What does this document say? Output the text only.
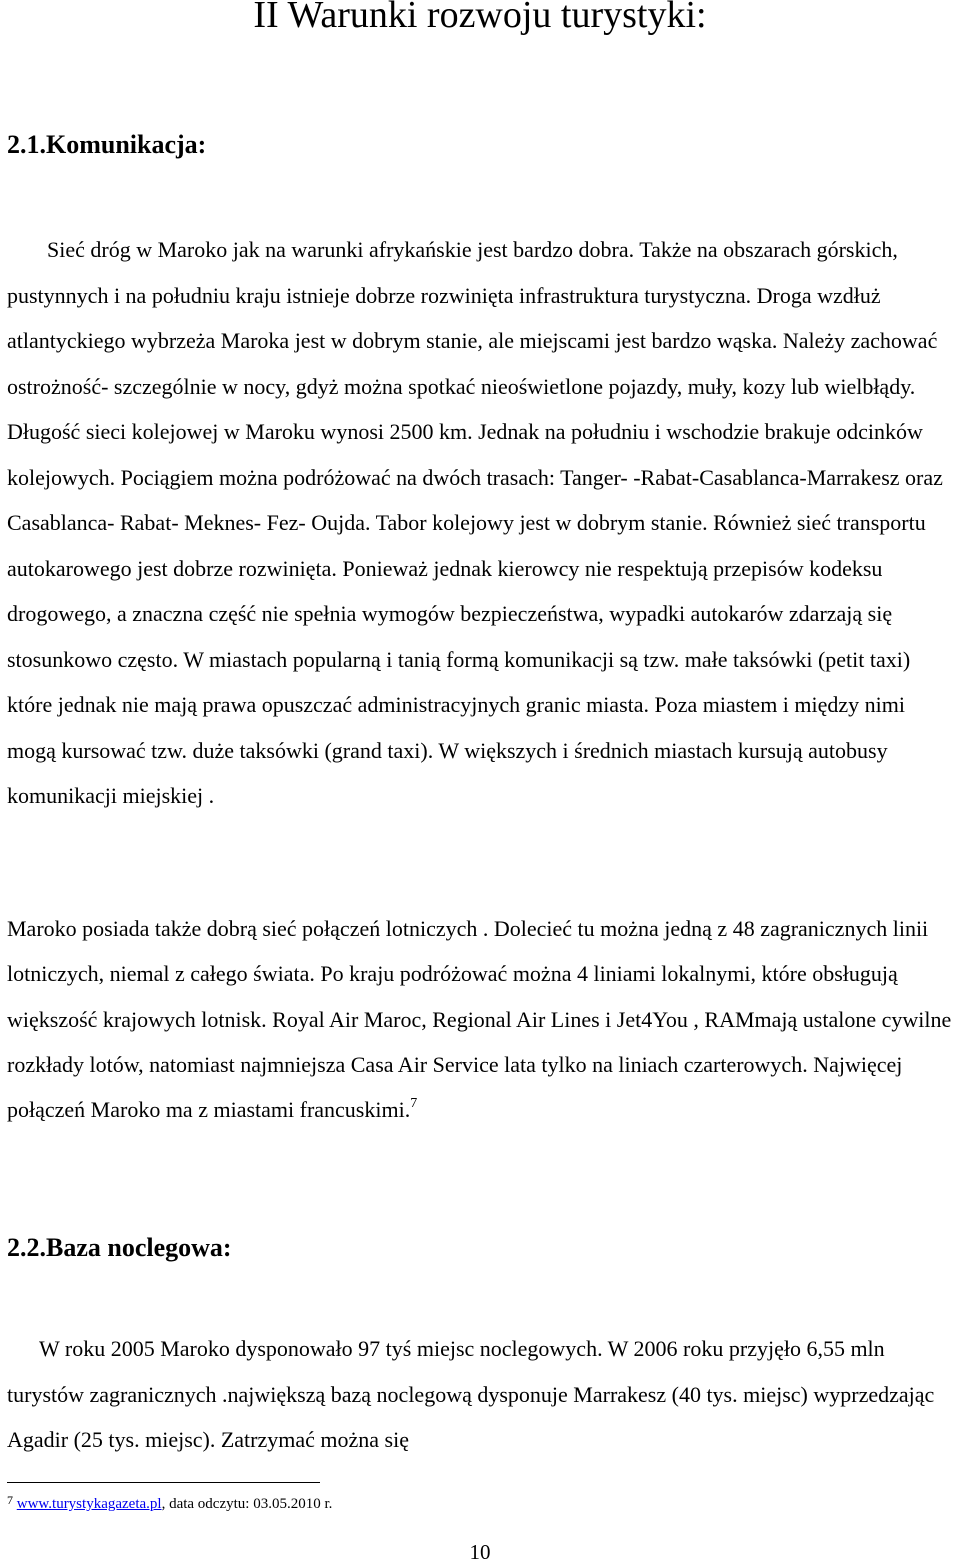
II Warunki rozwoju turystyki:
2.1.Komunikacja:

Sieć dróg w Maroko jak na warunki afrykańskie jest bardzo dobra. Także na obszarach górskich, pustynnych i na południu kraju istnieje dobrze rozwinięta infrastruktura turystyczna. Droga wzdłuż atlantyckiego wybrzeża Maroka jest w dobrym stanie, ale miejscami jest bardzo wąska. Należy zachować ostrożność- szczególnie w nocy, gdyż można spotkać nieoświetlone pojazdy, muły, kozy lub wielbłądy. Długość sieci kolejowej w Maroku wynosi 2500 km. Jednak na południu i wschodzie brakuje odcinków kolejowych. Pociągiem można podróżować na dwóch trasach: Tanger- -Rabat-Casablanca-Marrakesz oraz Casablanca- Rabat- Meknes- Fez- Oujda. Tabor kolejowy jest w dobrym stanie. Również sieć transportu autokarowego jest dobrze rozwinięta. Ponieważ jednak kierowcy nie respektują przepisów kodeksu drogowego, a znaczna część nie spełnia wymogów bezpieczeństwa, wypadki autokarów zdarzają się stosunkowo często. W miastach popularną i tanią formą komunikacji są tzw. małe taksówki (petit taxi) które jednak nie mają prawa opuszczać administracyjnych granic miasta. Poza miastem i między nimi mogą kursować tzw. duże taksówki (grand taxi). W większych i średnich miastach kursują autobusy komunikacji miejskiej .

Maroko posiada także dobrą sieć połączeń lotniczych . Dolecieć tu można jedną z 48 zagranicznych linii lotniczych, niemal z całego świata. Po kraju podróżować można 4 liniami lokalnymi, które obsługują większość krajowych lotnisk. Royal Air Maroc, Regional Air Lines i Jet4You , RAMmają ustalone cywilne rozkłady lotów, natomiast najmniejsza Casa Air Service lata tylko na liniach czarterowych. Najwięcej połączeń Maroko ma z miastami francuskimi.$^7$

2.2.Baza noclegowa:

W roku 2005 Maroko dysponowało 97 tyś miejsc noclegowych. W 2006 roku przyjęło 6,55 mln turystów zagranicznych .największą bazą noclegową dysponuje Marrakesz (40 tys. miejsc) wyprzedzając Agadir (25 tys. miejsc). Zatrzymać można się

$^7$ www.turystykagazeta.pl, data odczytu: 03.05.2010 r.
10
